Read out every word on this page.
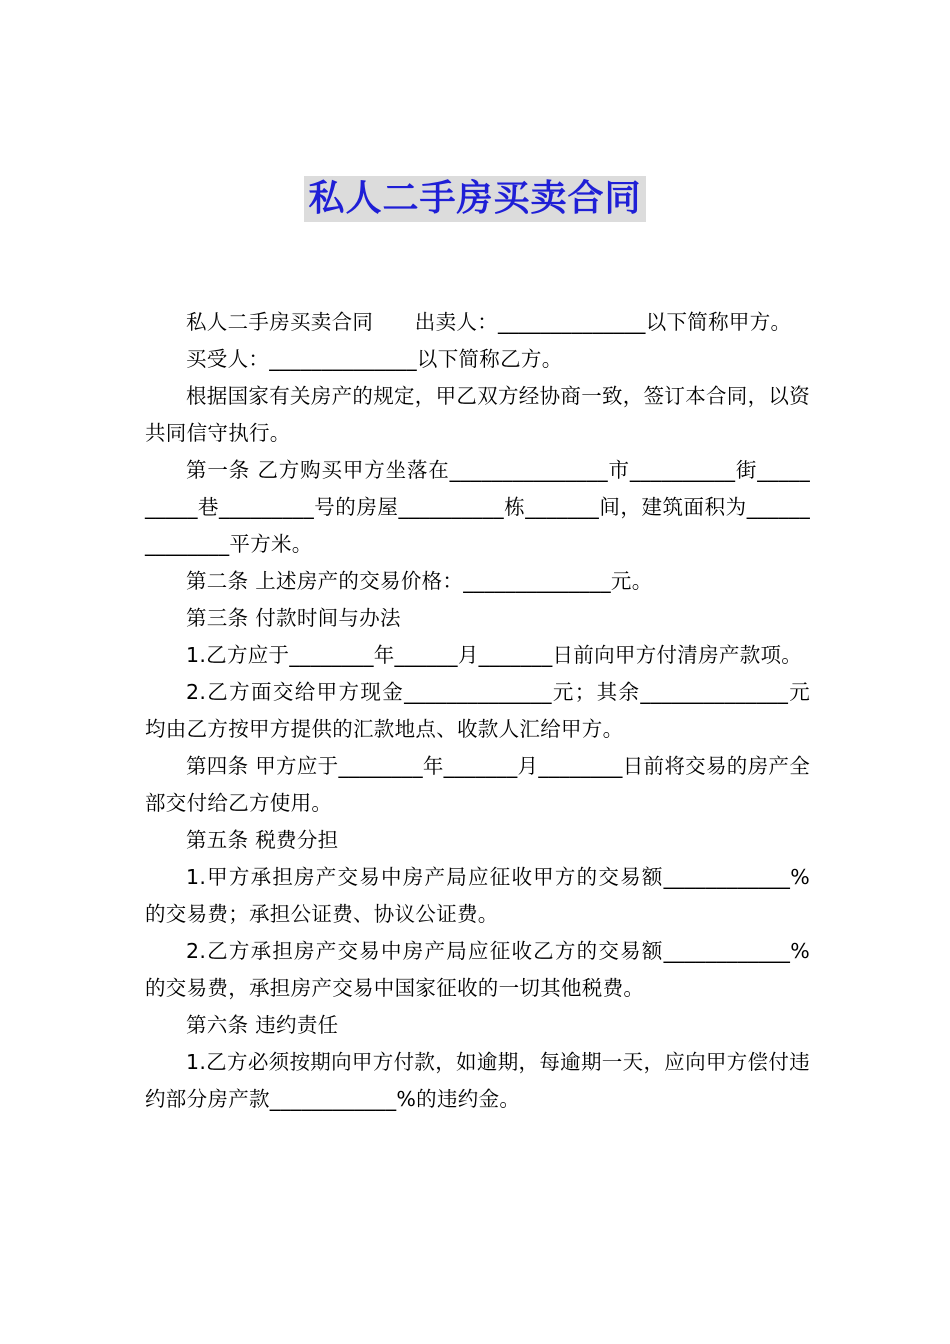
私人二手房买卖合同

私人二手房买卖合同　　出卖人：______________以下简称甲方。

买受人：______________以下简称乙方。

根据国家有关房产的规定，甲乙双方经协商一致，签订本合同，以资共同信守执行。

第一条 乙方购买甲方坐落在_______________市__________街__________巷_________号的房屋__________栋_______间，建筑面积为______________平方米。

第二条 上述房产的交易价格：______________元。

第三条 付款时间与办法

1.乙方应于________年______月_______日前向甲方付清房产款项。

2.乙方面交给甲方现金______________元；其余______________元均由乙方按甲方提供的汇款地点、收款人汇给甲方。

第四条 甲方应于________年_______月________日前将交易的房产全部交付给乙方使用。

第五条 税费分担

1.甲方承担房产交易中房产局应征收甲方的交易额____________%的交易费；承担公证费、协议公证费。

2.乙方承担房产交易中房产局应征收乙方的交易额____________%的交易费，承担房产交易中国家征收的一切其他税费。

第六条 违约责任

1.乙方必须按期向甲方付款，如逾期，每逾期一天，应向甲方偿付违约部分房产款____________%的违约金。
